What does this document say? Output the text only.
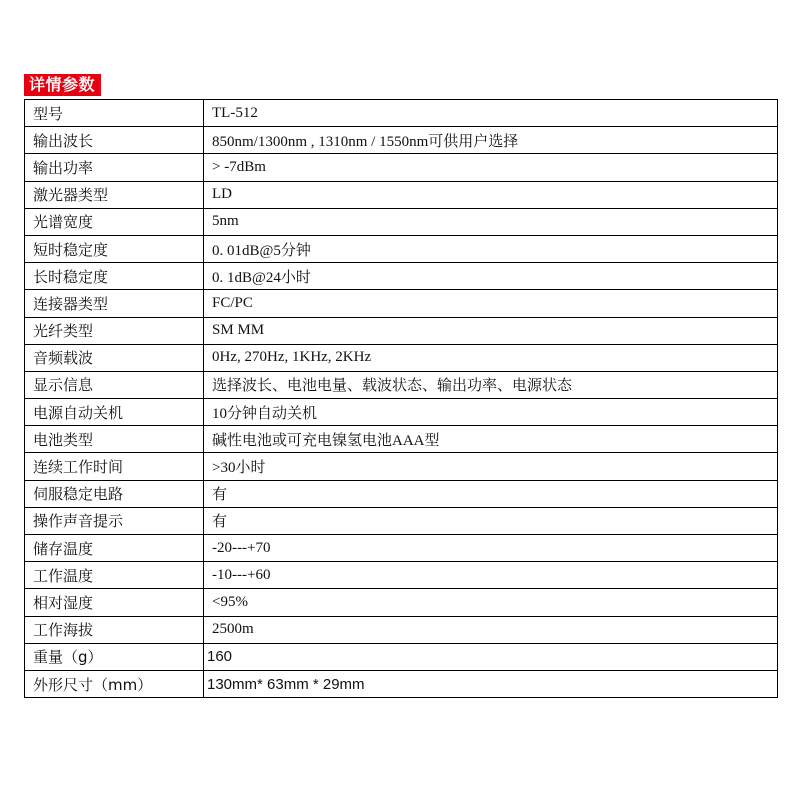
详情参数
型号	TL-512
输出波长	850nm/1300nm , 1310nm / 1550nm可供用户选择
输出功率	> -7dBm
激光器类型	LD
光谱宽度	5nm
短时稳定度	0. 01dB@5分钟
长时稳定度	0. 1dB@24小时
连接器类型	FC/PC
光纤类型	SM MM
音频载波	0Hz, 270Hz, 1KHz, 2KHz
显示信息	选择波长、电池电量、载波状态、输出功率、电源状态
电源自动关机	10分钟自动关机
电池类型	碱性电池或可充电镍氢电池AAA型
连续工作时间	>30小时
伺服稳定电路	有
操作声音提示	有
储存温度	-20---+70
工作温度	-10---+60
相对湿度	<95%
工作海拔	2500m
重量（g）	160
外形尺寸（mm）	130mm* 63mm * 29mm
